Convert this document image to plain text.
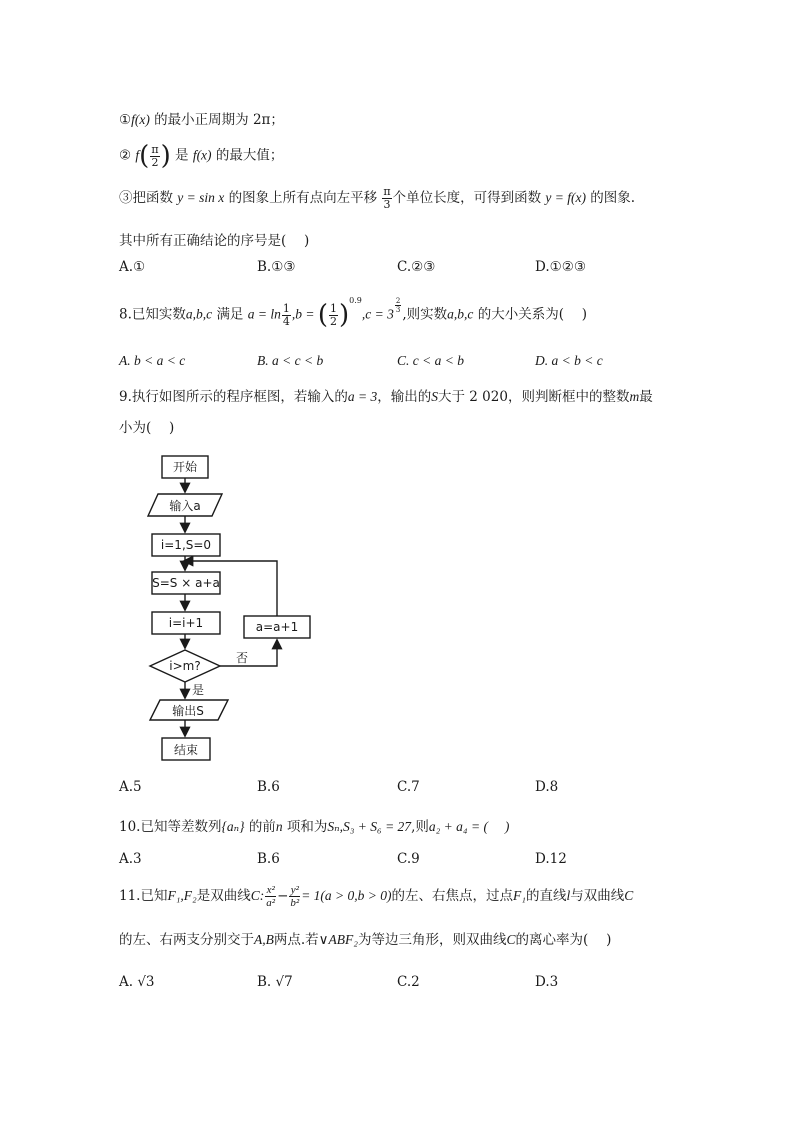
①f(x) 的最小正周期为 2π；
② $f( \frac{\pi}{2}$ ) 是 f(x) 的最大值；
③把函数 y = sin x 的图象上所有点向左平移 $\frac{\pi}{3}$ 个单位长度，可得到函数 y = f(x) 的图象.
其中所有正确结论的序号是(　 )
A.①	B.①③	C.②③	D.①②③
8.已知实数a,b,c 满足 $a = \ln \frac{1}{4} ,b$ = ( $\frac{1}{2} )^{0.9},c = 3$
$\frac{2}{3}$
,则实数a,b,c 的大小关系为(　 )
A. b < a < c	B. a < c < b	C. c < a < b	D. a < b < c
9.执行如图所示的程序框图，若输入的a = 3，输出的S大于 2 020，则判断框中的整数m最
小为(　 )
开始
输入a
i=1,S=0
S=S × a+a
i=i+1
i>m?
否
a=a+1
是
输出S
结束
A.5	B.6	C.7	D.8
10.已知等差数列{aₙ} 的前n 项和为Sₙ,S₃ + S₆ = 27,则a₂ + a₄ = (　 )
A.3	B.6	C.9	D.12
11.已知F₁,F₂是双曲线C: $\frac{\text{x²}}{\text{a²}} - \frac{\text{y²}}{\text{b²}} = 1(a > 0,b > 0)$的左、右焦点，过点F₁的直线l与双曲线C
的左、右两支分别交于A,B两点.若∨ABF₂为等边三角形，则双曲线C的离心率为(　 )
A. √3	B. √7	C.2	D.3
